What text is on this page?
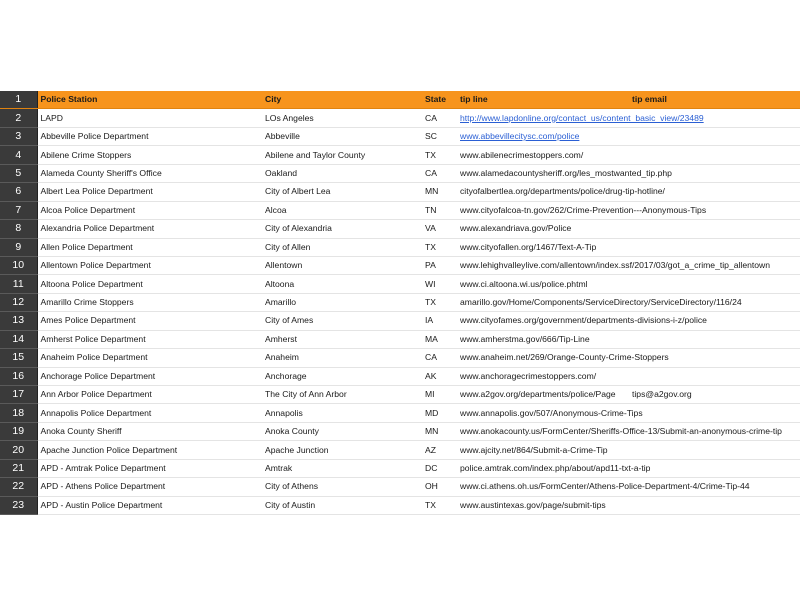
1	Police Station	City	State	tip line	tip email
2	LAPD	LOs Angeles	CA	http://www.lapdonline.org/contact_us/content_basic_view/23489	
3	Abbeville Police Department	Abbeville	SC	www.abbevillecitysc.com/police	
4	Abilene Crime Stoppers	Abilene and Taylor County	TX	www.abilenecrimestoppers.com/	
5	Alameda County Sheriff's Office	Oakland	CA	www.alamedacountysheriff.org/les_mostwanted_tip.php	
6	Albert Lea Police Department	City of Albert Lea	MN	cityofalbertlea.org/departments/police/drug-tip-hotline/	
7	Alcoa Police Department	Alcoa	TN	www.cityofalcoa-tn.gov/262/Crime-Prevention---Anonymous-Tips	
8	Alexandria Police Department	City of Alexandria	VA	www.alexandriava.gov/Police	
9	Allen Police Department	City of Allen	TX	www.cityofallen.org/1467/Text-A-Tip	
10	Allentown Police Department	Allentown	PA	www.lehighvalleylive.com/allentown/index.ssf/2017/03/got_a_crime_tip_allentown	
11	Altoona Police Department	Altoona	WI	www.ci.altoona.wi.us/police.phtml	
12	Amarillo Crime Stoppers	Amarillo	TX	amarillo.gov/Home/Components/ServiceDirectory/ServiceDirectory/116/24	
13	Ames Police Department	City of Ames	IA	www.cityofames.org/government/departments-divisions-i-z/police	
14	Amherst Police Department	Amherst	MA	www.amherstma.gov/666/Tip-Line	
15	Anaheim Police Department	Anaheim	CA	www.anaheim.net/269/Orange-County-Crime-Stoppers	
16	Anchorage Police Department	Anchorage	AK	www.anchoragecrimestoppers.com/	
17	Ann Arbor Police Department	The City of Ann Arbor	MI	www.a2gov.org/departments/police/Page	tips@a2gov.org
18	Annapolis Police Department	Annapolis	MD	www.annapolis.gov/507/Anonymous-Crime-Tips	
19	Anoka County Sheriff	Anoka County	MN	www.anokacounty.us/FormCenter/Sheriffs-Office-13/Submit-an-anonymous-crime-tip	
20	Apache Junction Police Department	Apache Junction	AZ	www.ajcity.net/864/Submit-a-Crime-Tip	
21	APD - Amtrak Police Department	Amtrak	DC	police.amtrak.com/index.php/about/apd11-txt-a-tip	
22	APD - Athens Police Department	City of Athens	OH	www.ci.athens.oh.us/FormCenter/Athens-Police-Department-4/Crime-Tip-44	
23	APD - Austin Police Department	City of Austin	TX	www.austintexas.gov/page/submit-tips	
